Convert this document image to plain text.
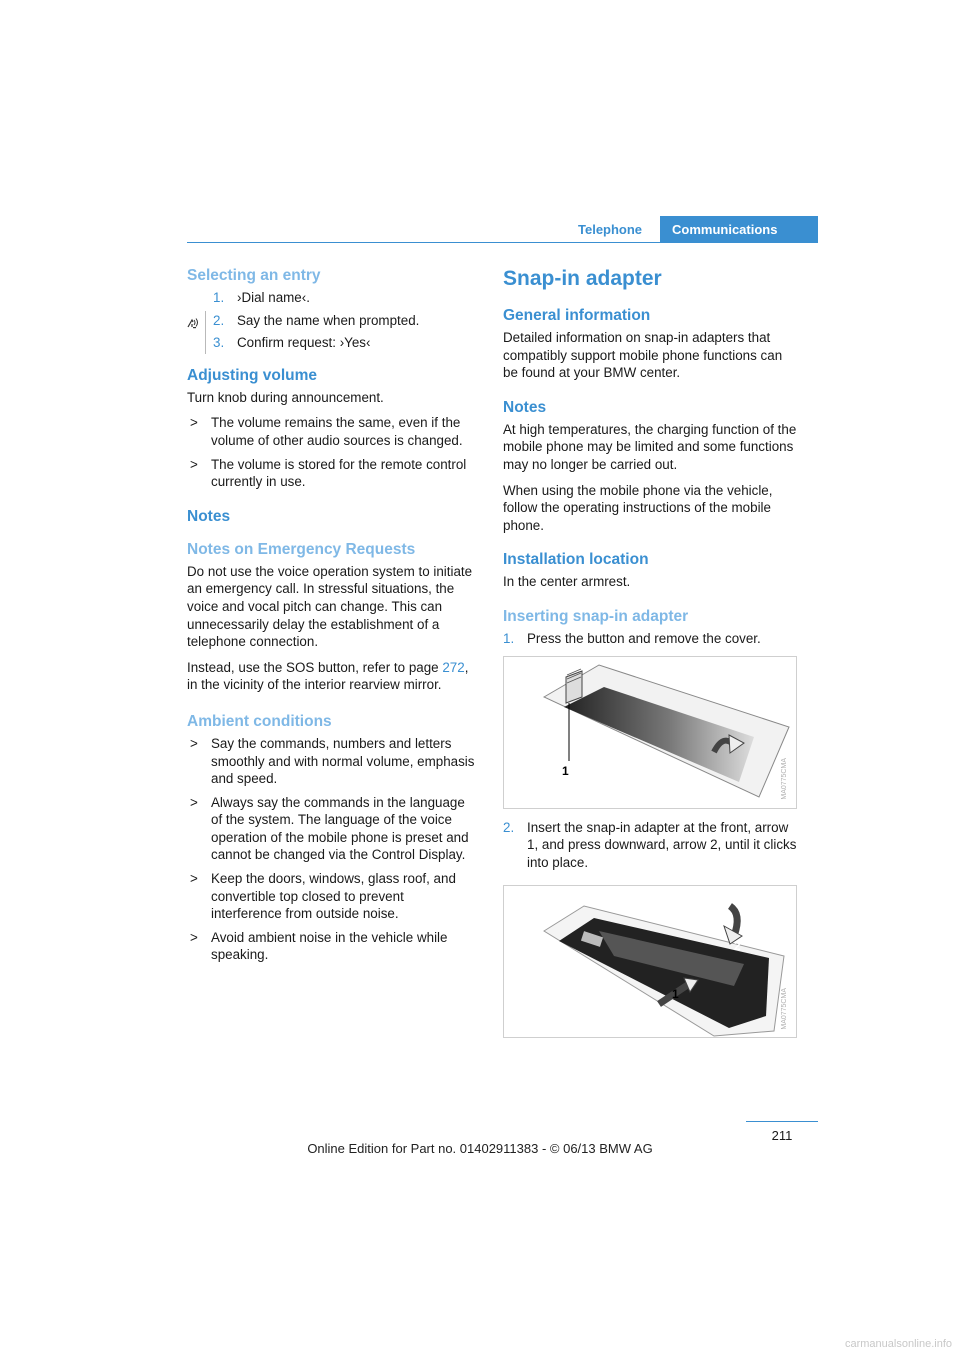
Telephone	Communications
Selecting an entry
1. ›Dial name‹.
2. Say the name when prompted.
3. Confirm request: ›Yes‹
Adjusting volume

Turn knob during announcement.

> The volume remains the same, even if the volume of other audio sources is changed.
> The volume is stored for the remote control currently in use.
Notes
Notes on Emergency Requests

Do not use the voice operation system to initiate an emergency call. In stressful situations, the voice and vocal pitch can change. This can unnecessarily delay the establishment of a telephone connection.

Instead, use the SOS button, refer to page 272, in the vicinity of the interior rearview mirror.

Ambient conditions
> Say the commands, numbers and letters smoothly and with normal volume, emphasis and speed.
> Always say the commands in the language of the system. The language of the voice operation of the mobile phone is preset and cannot be changed via the Control Display.
> Keep the doors, windows, glass roof, and convertible top closed to prevent interference from outside noise.
> Avoid ambient noise in the vehicle while speaking.
Snap-in adapter
General information

Detailed information on snap-in adapters that compatibly support mobile phone functions can be found at your BMW center.

Notes

At high temperatures, the charging function of the mobile phone may be limited and some functions may no longer be carried out.

When using the mobile phone via the vehicle, follow the operating instructions of the mobile phone.

Installation location

In the center armrest.

Inserting snap-in adapter
1. Press the button and remove the cover.
1	MA0775CMA
2. Insert the snap-in adapter at the front, arrow 1, and press downward, arrow 2, until it clicks into place.
2
1	MA0775CMA
211
Online Edition for Part no. 01402911383 - © 06/13 BMW AG
carmanualsonline.info
